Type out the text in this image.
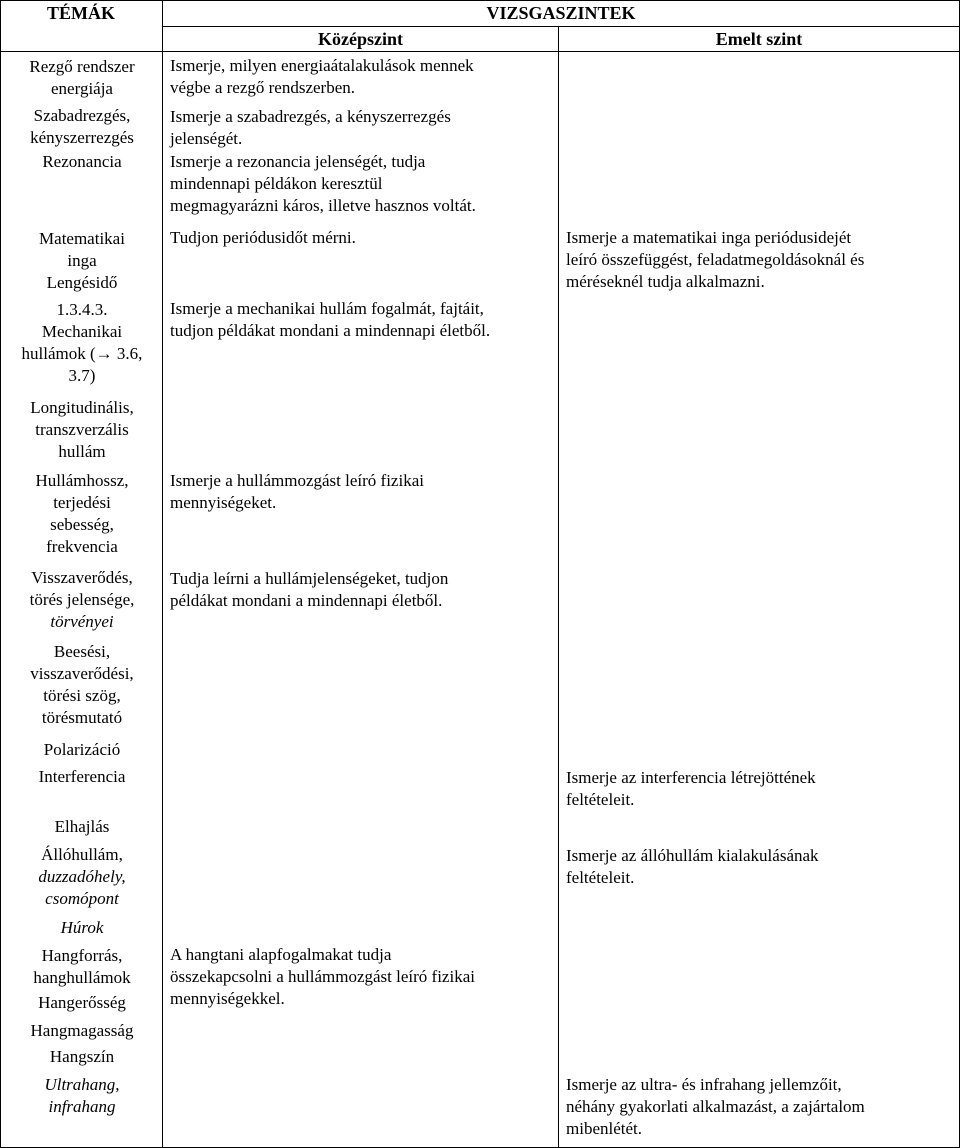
TÉMÁK	VIZSGASZINTEK
Középszint	Emelt szint
Rezgő rendszer
energiája
Szabadrezgés,
kényszerrezgés
Rezonancia
Matematikai
inga
Lengésidő
1.3.4.3.
Mechanikai
hullámok (→ 3.6,
3.7)
Longitudinális,
transzverzális
hullám
Hullámhossz,
terjedési
sebesség,
frekvencia
Visszaverődés,
törés jelensége,
törvényei
Beesési,
visszaverődési,
törési szög,
törésmutató
Polarizáció
Interferencia
Elhajlás
Állóhullám,
duzzadóhely,
csomópont
Húrok
Hangforrás,
hanghullámok
Hangerősség
Hangmagasság
Hangszín
Ultrahang,
infrahang
Ismerje, milyen energiaátalakulások mennek
végbe a rezgő rendszerben.
Ismerje a szabadrezgés, a kényszerrezgés
jelenségét.
Ismerje a rezonancia jelenségét, tudja
mindennapi példákon keresztül
megmagyarázni káros, illetve hasznos voltát.
Tudjon periódusidőt mérni.
Ismerje a mechanikai hullám fogalmát, fajtáit,
tudjon példákat mondani a mindennapi életből.
Ismerje a hullámmozgást leíró fizikai
mennyiségeket.
Tudja leírni a hullámjelenségeket, tudjon
példákat mondani a mindennapi életből.
A hangtani alapfogalmakat tudja
összekapcsolni a hullámmozgást leíró fizikai
mennyiségekkel.
Ismerje a matematikai inga periódusidejét
leíró összefüggést, feladatmegoldásoknál és
méréseknél tudja alkalmazni.
Ismerje az interferencia létrejöttének
feltételeit.
Ismerje az állóhullám kialakulásának
feltételeit.
Ismerje az ultra- és infrahang jellemzőit,
néhány gyakorlati alkalmazást, a zajártalom
mibenlétét.
